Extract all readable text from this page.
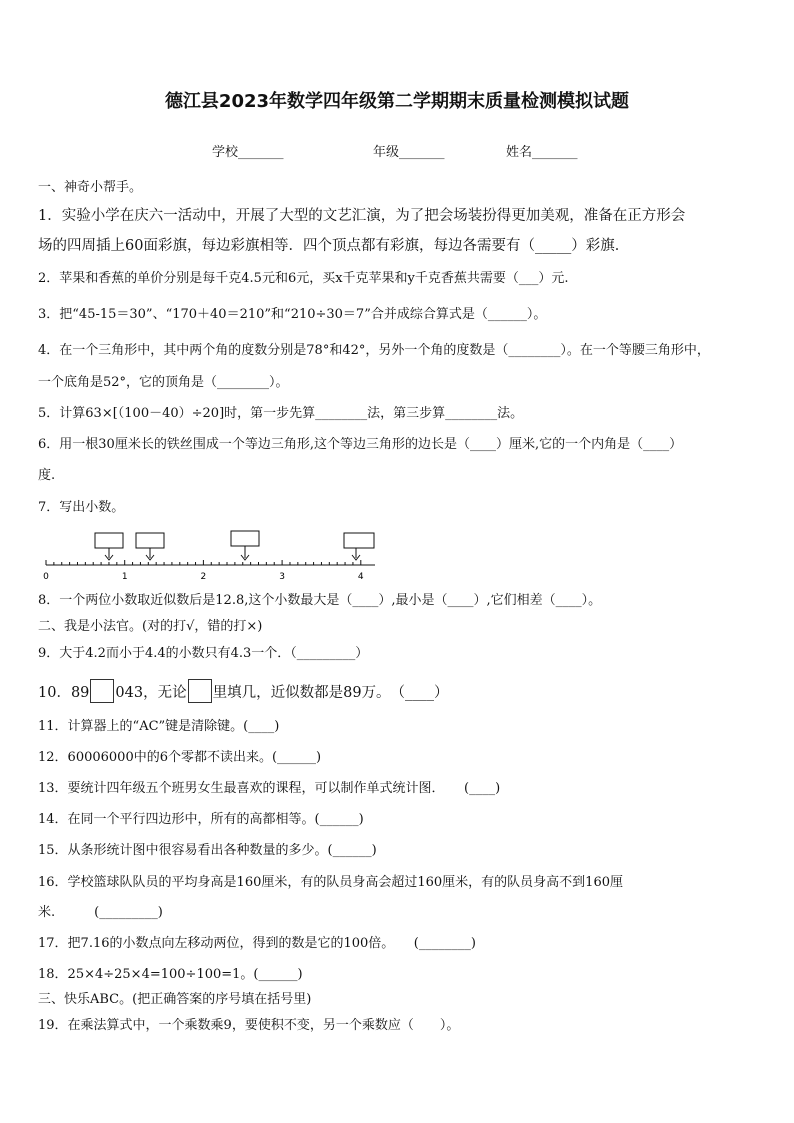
德江县2023年数学四年级第二学期期末质量检测模拟试题
学校_______	年级_______	姓名_______
一、神奇小帮手。
1．实验小学在庆六一活动中，开展了大型的文艺汇演，为了把会场装扮得更加美观，准备在正方形会
场的四周插上60面彩旗，每边彩旗相等．四个顶点都有彩旗，每边各需要有（_____）彩旗．
2．苹果和香蕉的单价分别是每千克4.5元和6元，买x千克苹果和y千克香蕉共需要（___）元.
3．把“45-15＝30”、“170＋40＝210”和“210÷30＝7”合并成综合算式是（______）。
4．在一个三角形中，其中两个角的度数分别是78°和42°，另外一个角的度数是（________）。在一个等腰三角形中，
一个底角是52°，它的顶角是（________）。
5．计算63×[（100－40）÷20]时，第一步先算________法，第三步算________法。
6．用一根30厘米长的铁丝围成一个等边三角形,这个等边三角形的边长是（____）厘米,它的一个内角是（____）
度.
7．写出小数。
0	1	2	3	4
8．一个两位小数取近似数后是12.8,这个小数最大是（____）,最小是（____）,它们相差（____）。
二、我是小法官。(对的打√，错的打×)
9．大于4.2而小于4.4的小数只有4.3一个．（_________）
10．89 043，无论 里填几，近似数都是89万。　（____）
11．计算器上的“AC”键是清除键。(____)
12．60006000中的6个零都不读出来。(______)
13．要统计四年级五个班男女生最喜欢的课程，可以制作单式统计图．　　(____)
14．在同一个平行四边形中，所有的高都相等。(______)
15．从条形统计图中很容易看出各种数量的多少。(______)
16．学校篮球队队员的平均身高是160厘米，有的队员身高会超过160厘米，有的队员身高不到160厘
米.　　　(_________)
17．把7.16的小数点向左移动两位，得到的数是它的100倍。　　(________)
18．25×4÷25×4=100÷100=1。(______)
三、快乐ABC。(把正确答案的序号填在括号里)
19．在乘法算式中，一个乘数乘9，要使积不变，另一个乘数应（　　）。
